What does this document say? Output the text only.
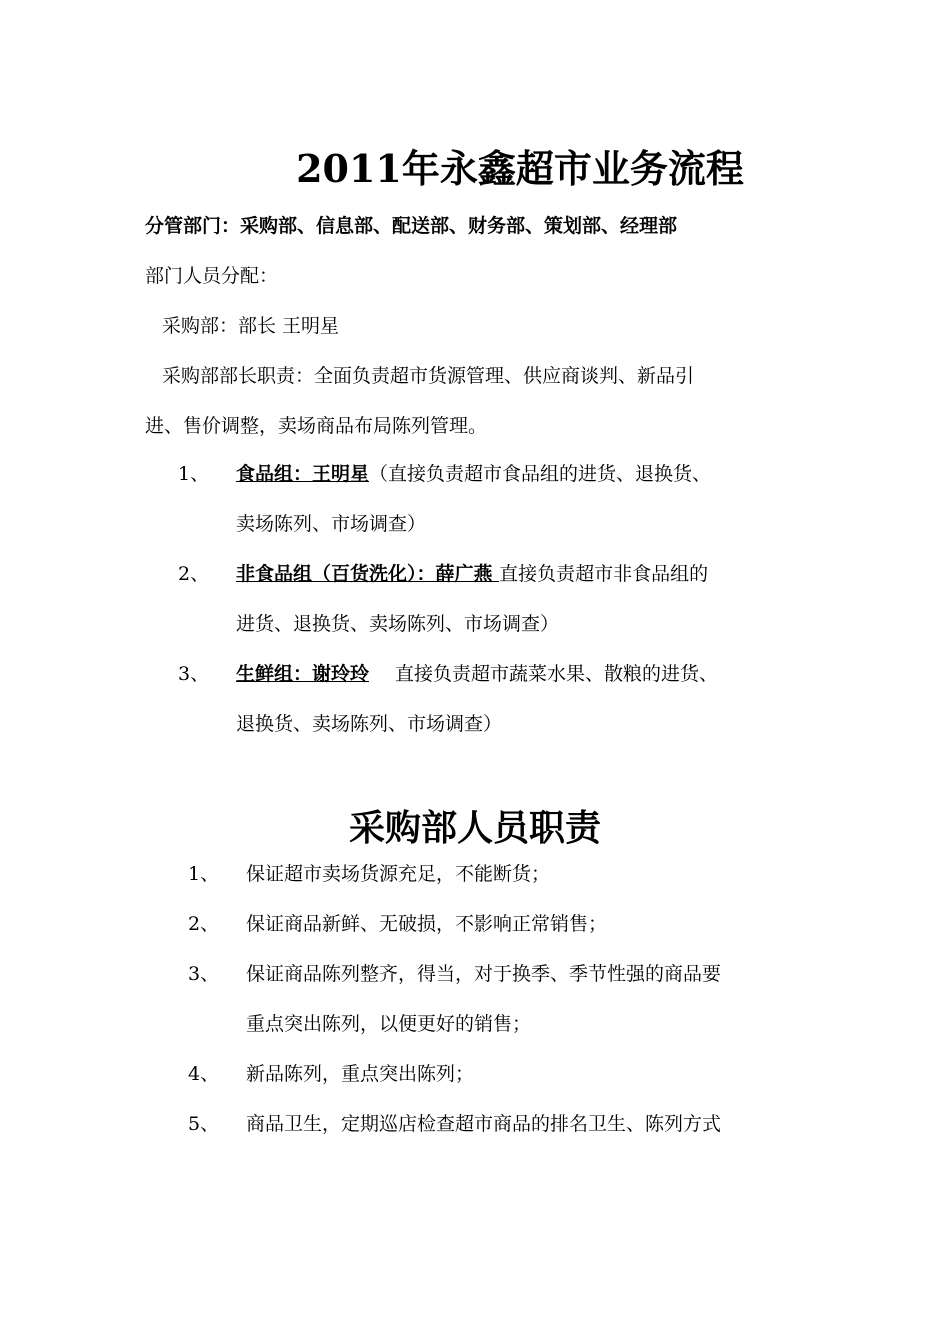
2011年永鑫超市业务流程
分管部门：采购部、信息部、配送部、财务部、策划部、经理部
部门人员分配：
采购部：部长 王明星
采购部部长职责：全面负责超市货源管理、供应商谈判、新品引
进、售价调整，卖场商品布局陈列管理。
1、 食品组：王明星（直接负责超市食品组的进货、退换货、
卖场陈列、市场调查）
2、 非食品组（百货洗化）：薛广燕 直接负责超市非食品组的
进货、退换货、卖场陈列、市场调查）
3、 生鲜组：谢玲玲 直接负责超市蔬菜水果、散粮的进货、
退换货、卖场陈列、市场调查）
采购部人员职责
1、 保证超市卖场货源充足，不能断货；
2、 保证商品新鲜、无破损，不影响正常销售；
3、 保证商品陈列整齐，得当，对于换季、季节性强的商品要
重点突出陈列，以便更好的销售；
4、 新品陈列，重点突出陈列；
5、 商品卫生，定期巡店检查超市商品的排名卫生、陈列方式
